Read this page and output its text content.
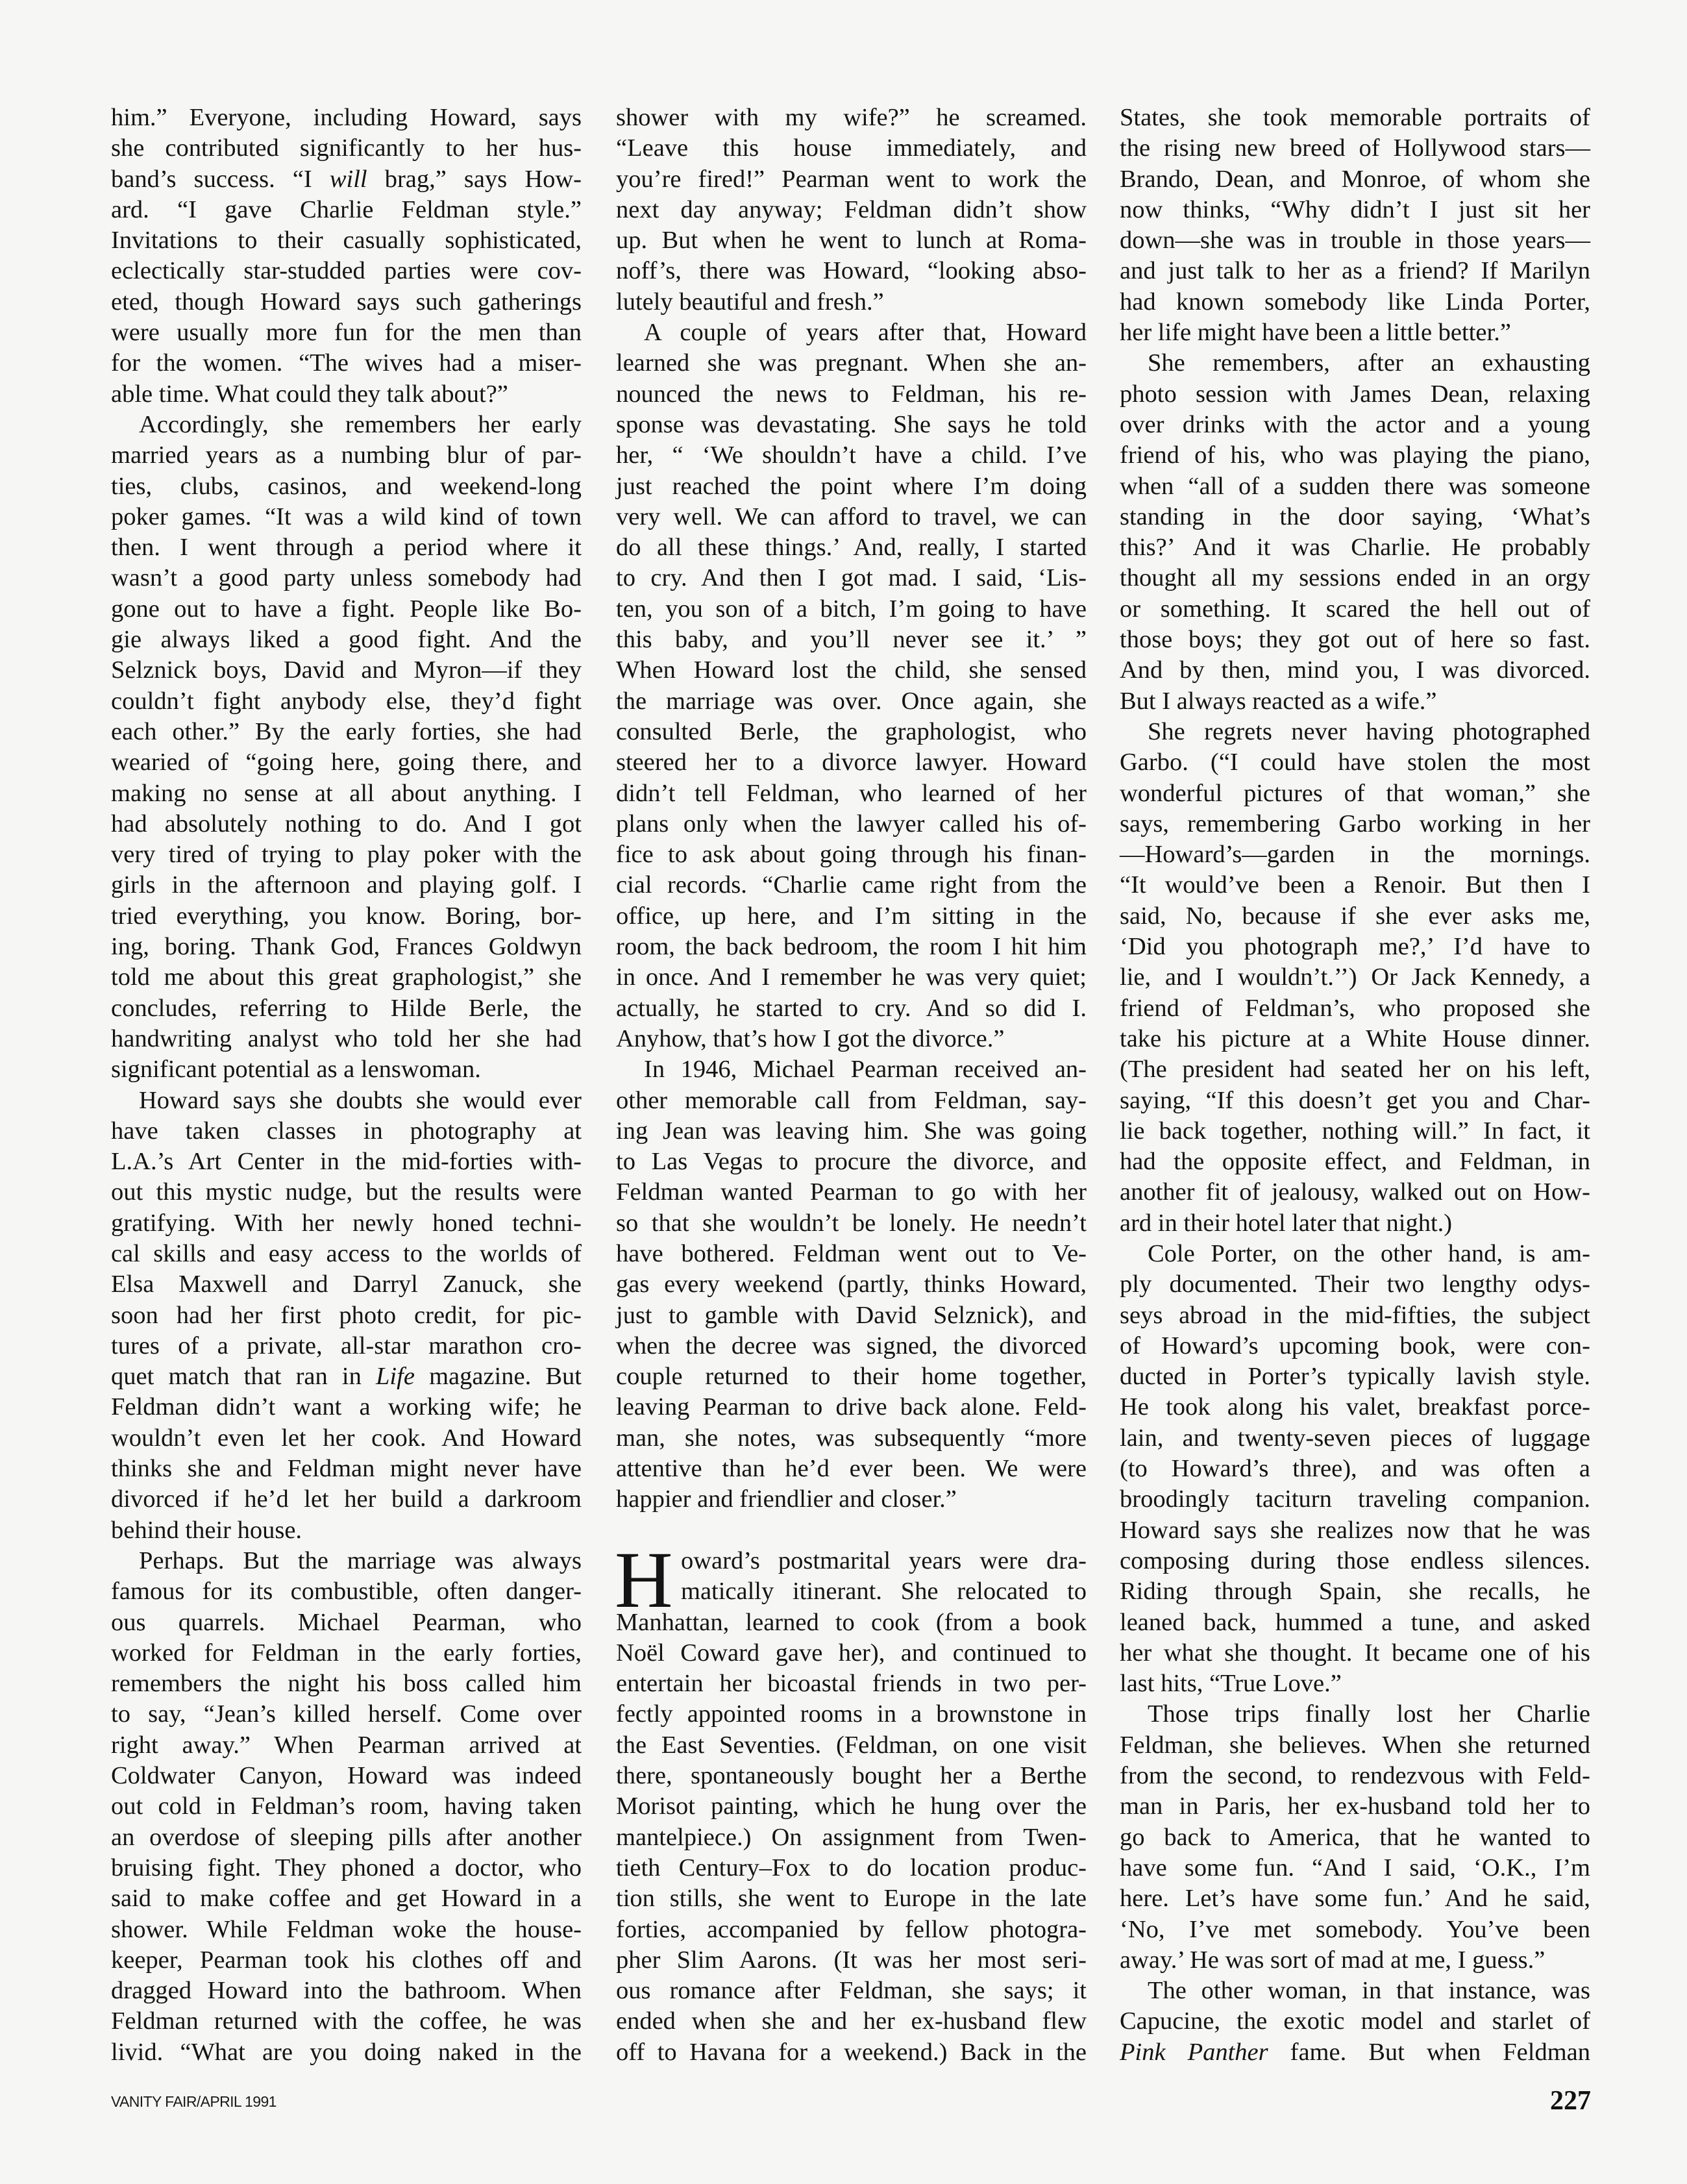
him.” Everyone, including Howard, says
she contributed significantly to her hus-
band’s success. “I will brag,” says How-
ard. “I gave Charlie Feldman style.”
Invitations to their casually sophisticated,
eclectically star-studded parties were cov-
eted, though Howard says such gatherings
were usually more fun for the men than
for the women. “The wives had a miser-
able time. What could they talk about?”
Accordingly, she remembers her early
married years as a numbing blur of par-
ties, clubs, casinos, and weekend-long
poker games. “It was a wild kind of town
then. I went through a period where it
wasn’t a good party unless somebody had
gone out to have a fight. People like Bo-
gie always liked a good fight. And the
Selznick boys, David and Myron—if they
couldn’t fight anybody else, they’d fight
each other.” By the early forties, she had
wearied of “going here, going there, and
making no sense at all about anything. I
had absolutely nothing to do. And I got
very tired of trying to play poker with the
girls in the afternoon and playing golf. I
tried everything, you know. Boring, bor-
ing, boring. Thank God, Frances Goldwyn
told me about this great graphologist,” she
concludes, referring to Hilde Berle, the
handwriting analyst who told her she had
significant potential as a lenswoman.
Howard says she doubts she would ever
have taken classes in photography at
L.A.’s Art Center in the mid-forties with-
out this mystic nudge, but the results were
gratifying. With her newly honed techni-
cal skills and easy access to the worlds of
Elsa Maxwell and Darryl Zanuck, she
soon had her first photo credit, for pic-
tures of a private, all-star marathon cro-
quet match that ran in Life magazine. But
Feldman didn’t want a working wife; he
wouldn’t even let her cook. And Howard
thinks she and Feldman might never have
divorced if he’d let her build a darkroom
behind their house.
Perhaps. But the marriage was always
famous for its combustible, often danger-
ous quarrels. Michael Pearman, who
worked for Feldman in the early forties,
remembers the night his boss called him
to say, “Jean’s killed herself. Come over
right away.” When Pearman arrived at
Coldwater Canyon, Howard was indeed
out cold in Feldman’s room, having taken
an overdose of sleeping pills after another
bruising fight. They phoned a doctor, who
said to make coffee and get Howard in a
shower. While Feldman woke the house-
keeper, Pearman took his clothes off and
dragged Howard into the bathroom. When
Feldman returned with the coffee, he was
livid. “What are you doing naked in the
shower with my wife?” he screamed.
“Leave this house immediately, and
you’re fired!” Pearman went to work the
next day anyway; Feldman didn’t show
up. But when he went to lunch at Roma-
noff’s, there was Howard, “looking abso-
lutely beautiful and fresh.”
A couple of years after that, Howard
learned she was pregnant. When she an-
nounced the news to Feldman, his re-
sponse was devastating. She says he told
her, “ ‘We shouldn’t have a child. I’ve
just reached the point where I’m doing
very well. We can afford to travel, we can
do all these things.’ And, really, I started
to cry. And then I got mad. I said, ‘Lis-
ten, you son of a bitch, I’m going to have
this baby, and you’ll never see it.’ ”
When Howard lost the child, she sensed
the marriage was over. Once again, she
consulted Berle, the graphologist, who
steered her to a divorce lawyer. Howard
didn’t tell Feldman, who learned of her
plans only when the lawyer called his of-
fice to ask about going through his finan-
cial records. “Charlie came right from the
office, up here, and I’m sitting in the
room, the back bedroom, the room I hit him
in once. And I remember he was very quiet;
actually, he started to cry. And so did I.
Anyhow, that’s how I got the divorce.”
In 1946, Michael Pearman received an-
other memorable call from Feldman, say-
ing Jean was leaving him. She was going
to Las Vegas to procure the divorce, and
Feldman wanted Pearman to go with her
so that she wouldn’t be lonely. He needn’t
have bothered. Feldman went out to Ve-
gas every weekend (partly, thinks Howard,
just to gamble with David Selznick), and
when the decree was signed, the divorced
couple returned to their home together,
leaving Pearman to drive back alone. Feld-
man, she notes, was subsequently “more
attentive than he’d ever been. We were
happier and friendlier and closer.”
H oward’s postmarital years were dra-
matically itinerant. She relocated to
Manhattan, learned to cook (from a book
Noël Coward gave her), and continued to
entertain her bicoastal friends in two per-
fectly appointed rooms in a brownstone in
the East Seventies. (Feldman, on one visit
there, spontaneously bought her a Berthe
Morisot painting, which he hung over the
mantelpiece.) On assignment from Twen-
tieth Century–Fox to do location produc-
tion stills, she went to Europe in the late
forties, accompanied by fellow photogra-
pher Slim Aarons. (It was her most seri-
ous romance after Feldman, she says; it
ended when she and her ex-husband flew
off to Havana for a weekend.) Back in the
States, she took memorable portraits of
the rising new breed of Hollywood stars—
Brando, Dean, and Monroe, of whom she
now thinks, “Why didn’t I just sit her
down—she was in trouble in those years—
and just talk to her as a friend? If Marilyn
had known somebody like Linda Porter,
her life might have been a little better.”
She remembers, after an exhausting
photo session with James Dean, relaxing
over drinks with the actor and a young
friend of his, who was playing the piano,
when “all of a sudden there was someone
standing in the door saying, ‘What’s
this?’ And it was Charlie. He probably
thought all my sessions ended in an orgy
or something. It scared the hell out of
those boys; they got out of here so fast.
And by then, mind you, I was divorced.
But I always reacted as a wife.”
She regrets never having photographed
Garbo. (“I could have stolen the most
wonderful pictures of that woman,” she
says, remembering Garbo working in her
—Howard’s—garden in the mornings.
“It would’ve been a Renoir. But then I
said, No, because if she ever asks me,
‘Did you photograph me?,’ I’d have to
lie, and I wouldn’t.’’) Or Jack Kennedy, a
friend of Feldman’s, who proposed she
take his picture at a White House dinner.
(The president had seated her on his left,
saying, “If this doesn’t get you and Char-
lie back together, nothing will.” In fact, it
had the opposite effect, and Feldman, in
another fit of jealousy, walked out on How-
ard in their hotel later that night.)
Cole Porter, on the other hand, is am-
ply documented. Their two lengthy odys-
seys abroad in the mid-fifties, the subject
of Howard’s upcoming book, were con-
ducted in Porter’s typically lavish style.
He took along his valet, breakfast porce-
lain, and twenty-seven pieces of luggage
(to Howard’s three), and was often a
broodingly taciturn traveling companion.
Howard says she realizes now that he was
composing during those endless silences.
Riding through Spain, she recalls, he
leaned back, hummed a tune, and asked
her what she thought. It became one of his
last hits, “True Love.”
Those trips finally lost her Charlie
Feldman, she believes. When she returned
from the second, to rendezvous with Feld-
man in Paris, her ex-husband told her to
go back to America, that he wanted to
have some fun. “And I said, ‘O.K., I’m
here. Let’s have some fun.’ And he said,
‘No, I’ve met somebody. You’ve been
away.’ He was sort of mad at me, I guess.”
The other woman, in that instance, was
Capucine, the exotic model and starlet of
Pink Panther fame. But when Feldman
VANITY FAIR/APRIL 1991	227
